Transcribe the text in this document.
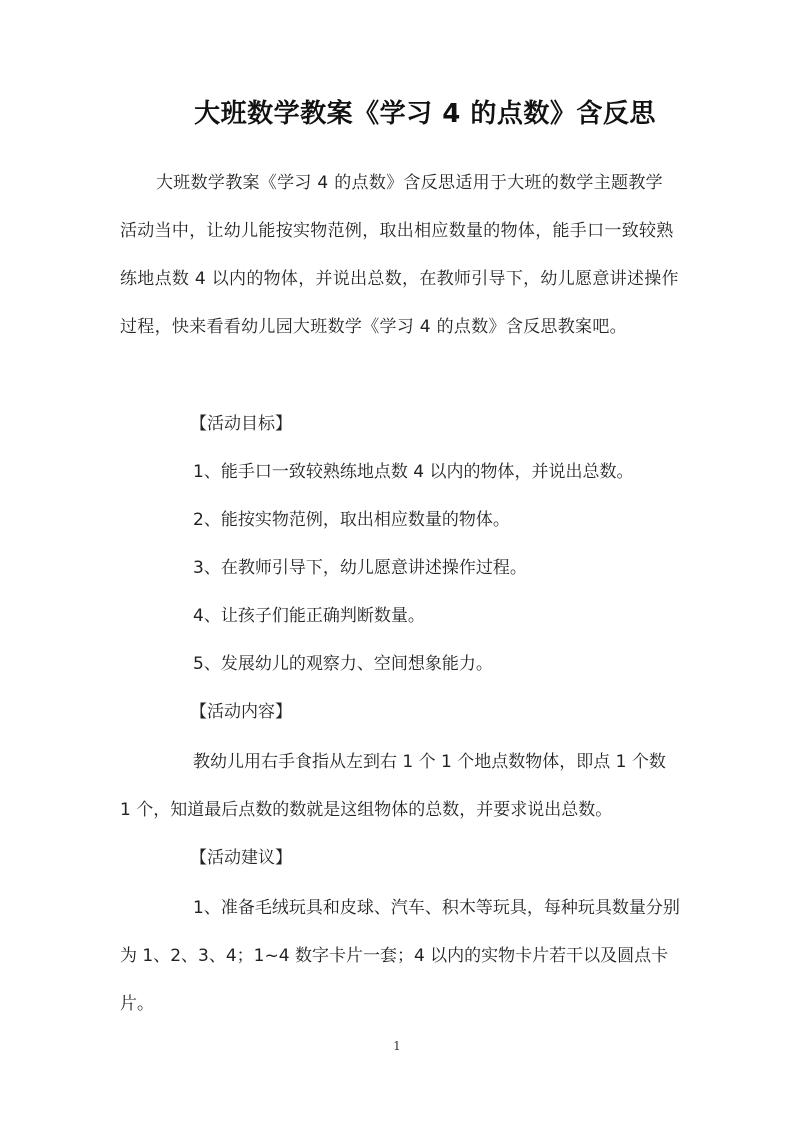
大班数学教案《学习 4 的点数》含反思

大班数学教案《学习 4 的点数》含反思适用于大班的数学主题教学活动当中，让幼儿能按实物范例，取出相应数量的物体，能手口一致较熟练地点数 4 以内的物体，并说出总数，在教师引导下，幼儿愿意讲述操作过程，快来看看幼儿园大班数学《学习 4 的点数》含反思教案吧。

【活动目标】
1、能手口一致较熟练地点数 4 以内的物体，并说出总数。
2、能按实物范例，取出相应数量的物体。
3、在教师引导下，幼儿愿意讲述操作过程。
4、让孩子们能正确判断数量。
5、发展幼儿的观察力、空间想象能力。
【活动内容】

教幼儿用右手食指从左到右 1 个 1 个地点数物体，即点 1 个数 1 个，知道最后点数的数就是这组物体的总数，并要求说出总数。

【活动建议】

1、准备毛绒玩具和皮球、汽车、积木等玩具，每种玩具数量分别为 1、2、3、4；1~4 数字卡片一套；4 以内的实物卡片若干以及圆点卡片。

1
